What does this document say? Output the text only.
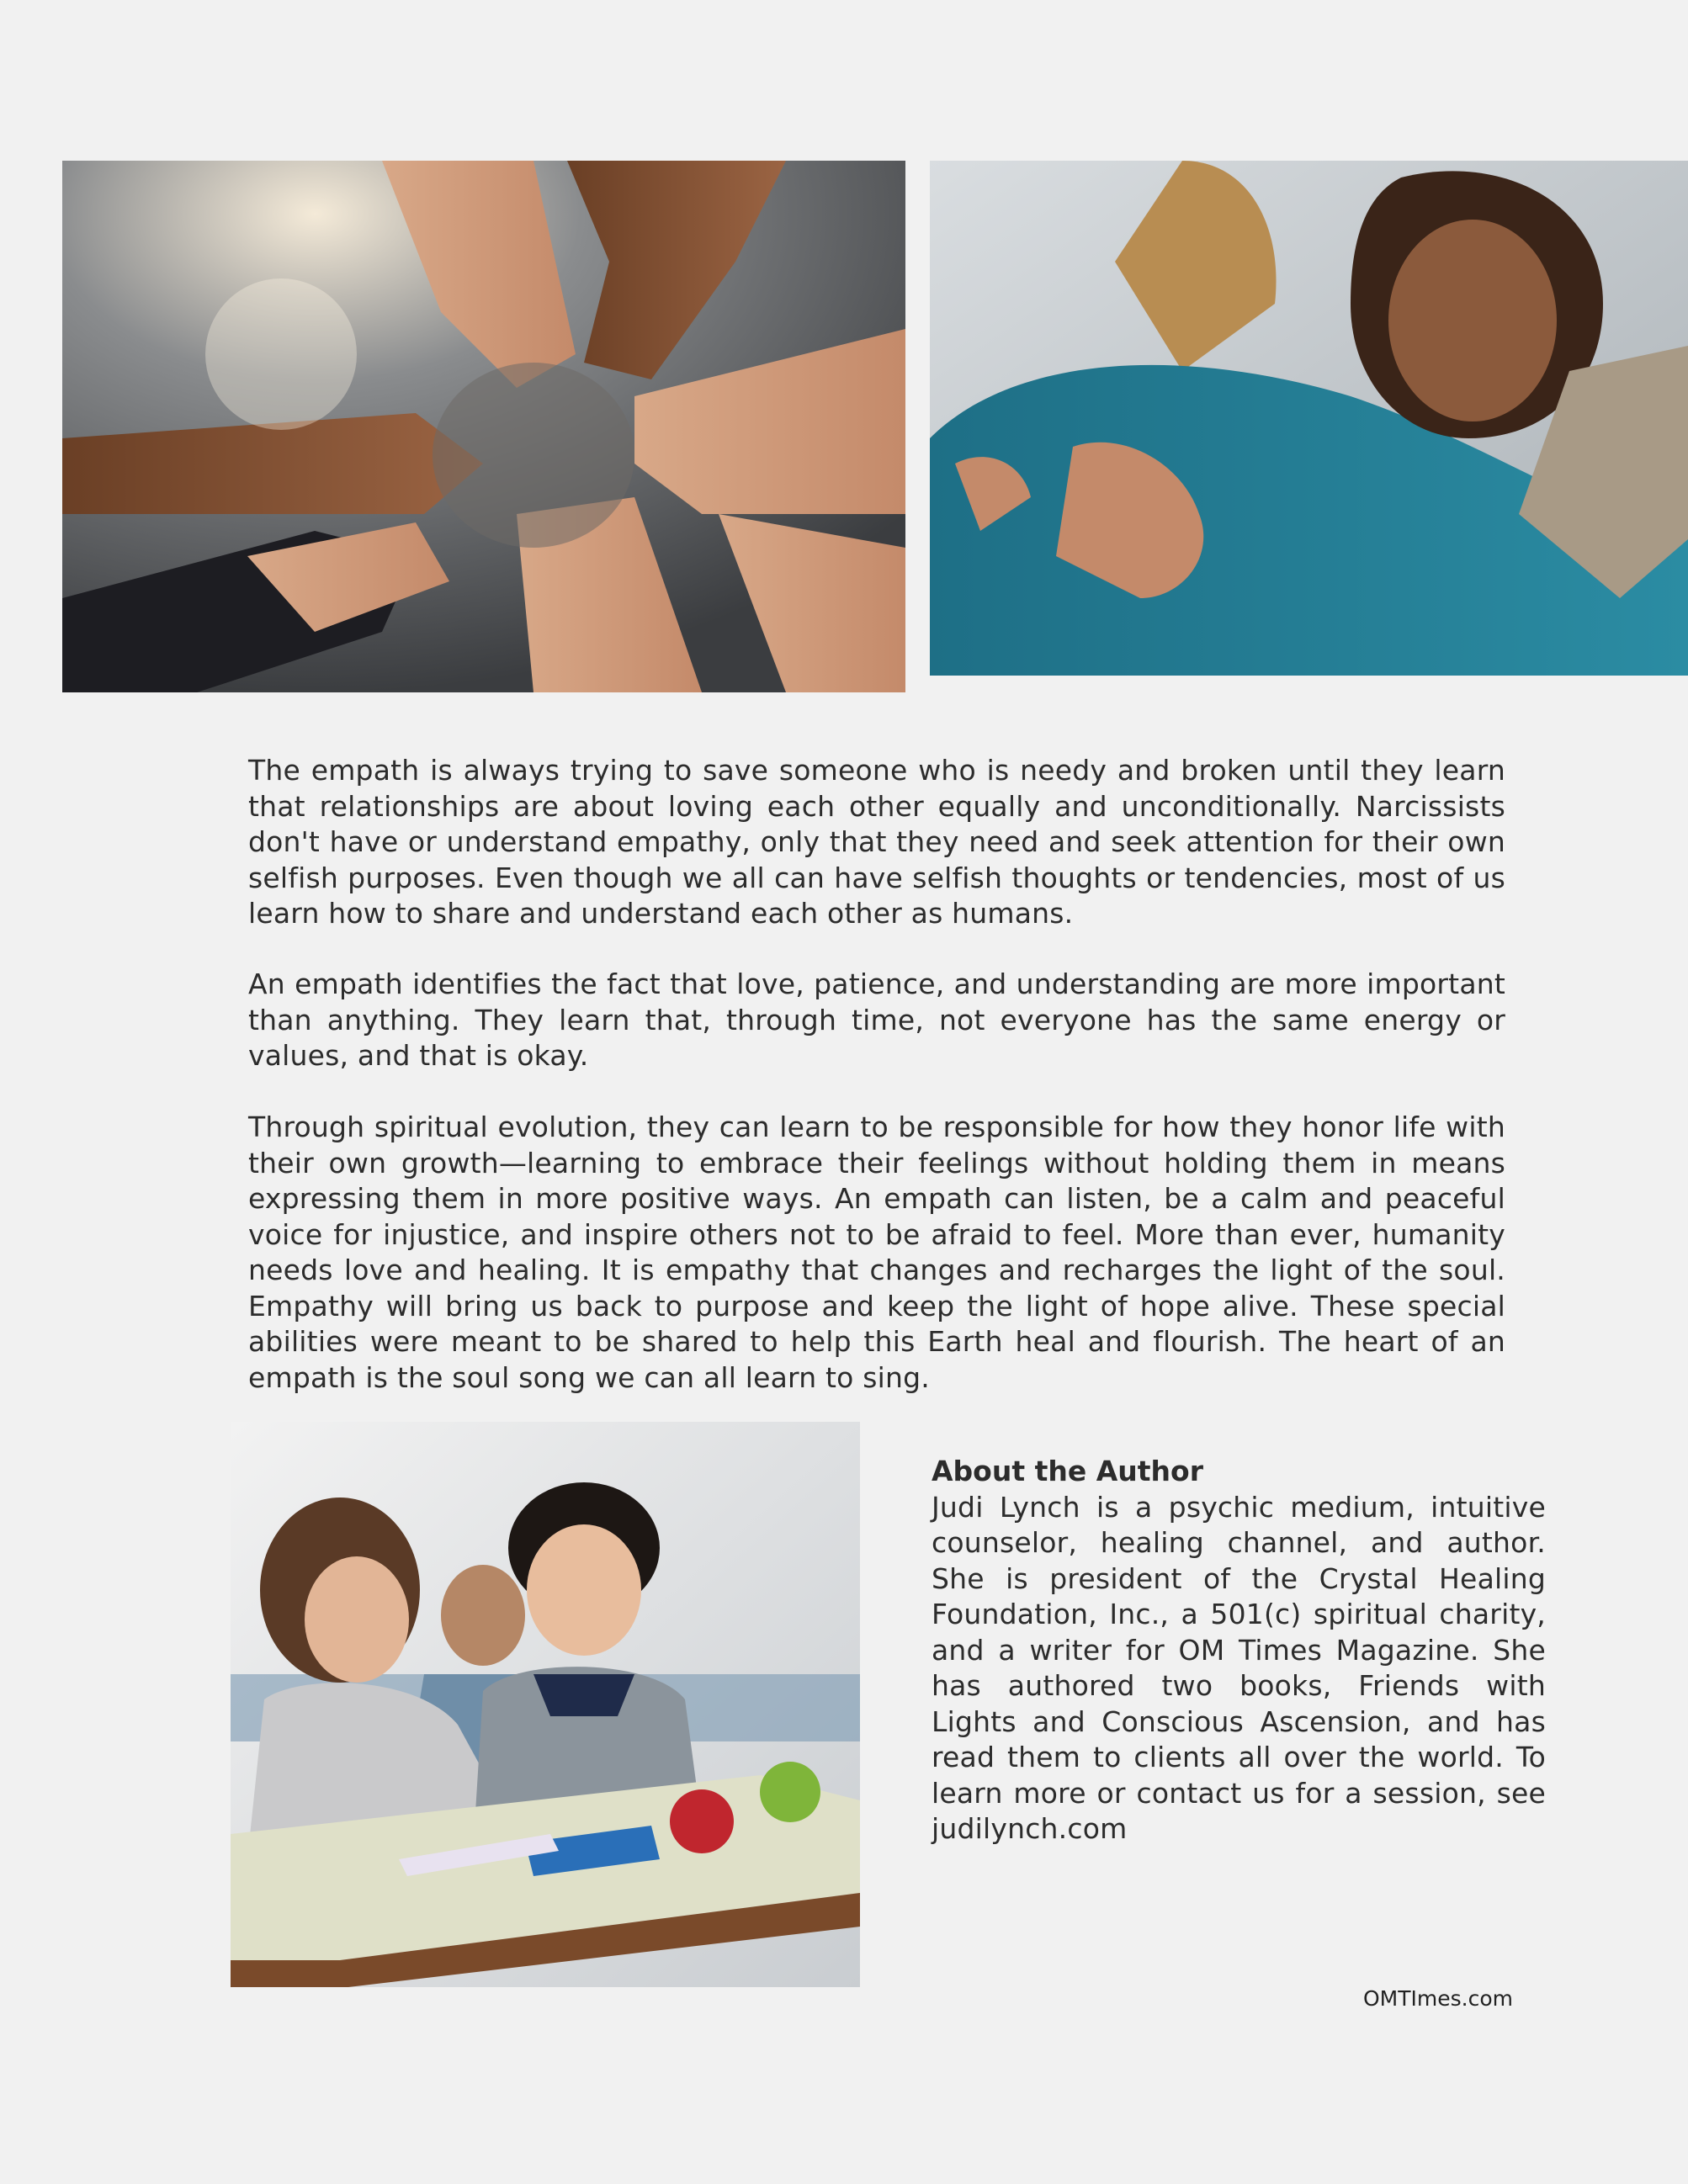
The empath is always trying to save someone who is needy and broken until they learn that relationships are about loving each other equally and unconditionally. Narcissists don't have or understand empathy, only that they need and seek attention for their own selfish purposes. Even though we all can have selfish thoughts or tendencies, most of us learn how to share and understand each other as humans.

An empath identifies the fact that love, patience, and understanding are more important than anything. They learn that, through time, not everyone has the same energy or values, and that is okay.

Through spiritual evolution, they can learn to be responsible for how they honor life with their own growth—learning to embrace their feelings without holding them in means expressing them in more positive ways. An empath can listen, be a calm and peaceful voice for injustice, and inspire others not to be afraid to feel. More than ever, humanity needs love and healing. It is empathy that changes and recharges the light of the soul. Empathy will bring us back to purpose and keep the light of hope alive. These special abilities were meant to be shared to help this Earth heal and flourish. The heart of an empath is the soul song we can all learn to sing.

About the Author

Judi Lynch is a psychic medium, intuitive counselor, healing channel, and author. She is president of the Crystal Healing Foundation, Inc., a 501(c) spiritual charity, and a writer for OM Times Magazine. She has authored two books, Friends with Lights and Conscious Ascension, and has read them to clients all over the world. To learn more or contact us for a session, see judilynch.com

OMTImes.com
